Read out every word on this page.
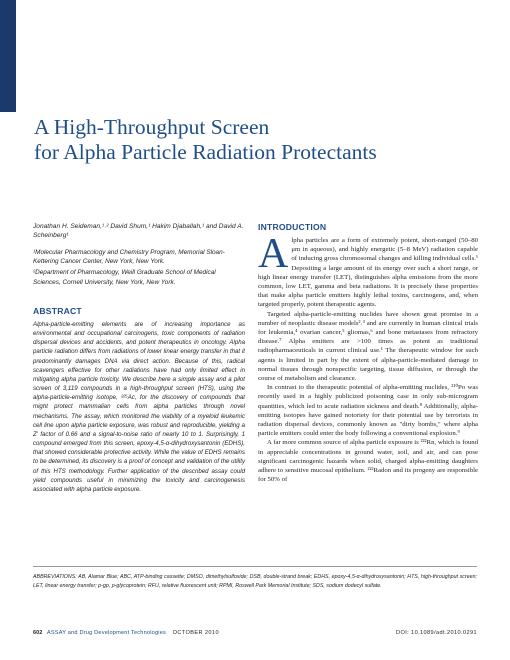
A High-Throughput Screen
for Alpha Particle Radiation Protectants
Jonathan H. Seideman,¹˒² David Shum,¹ Hakim Djaballah,¹ and David A. Scheinberg¹

¹Molecular Pharmacology and Chemistry Program, Memorial Sloan-Kettering Cancer Center, New York, New York.

²Department of Pharmacology, Weill Graduate School of Medical Sciences, Cornell University, New York, New York.

ABSTRACT
Alpha-particle-emitting elements are of increasing importance as environmental and occupational carcinogens, toxic components of radiation dispersal devices and accidents, and potent therapeutics in oncology. Alpha particle radiation differs from radiations of lower linear energy transfer in that it predominantly damages DNA via direct action. Because of this, radical scavengers effective for other radiations have had only limited effect in mitigating alpha particle toxicity. We describe here a simple assay and a pilot screen of 3,119 compounds in a high-throughput screen (HTS), using the alpha-particle-emitting isotope, ²²⁵Ac, for the discovery of compounds that might protect mammalian cells from alpha particles through novel mechanisms. The assay, which monitored the viability of a myeloid leukemic cell line upon alpha particle exposure, was robust and reproducible, yielding a Z′ factor of 0.66 and a signal-to-noise ratio of nearly 10 to 1. Surprisingly, 1 compound emerged from this screen, epoxy-4,5-α-dihydroxysantonin (EDHS), that showed considerable protective activity. While the value of EDHS remains to be determined, its discovery is a proof of concept and validation of the utility of this HTS methodology. Further application of the described assay could yield compounds useful in minimizing the toxicity and carcinogenesis associated with alpha particle exposure.
INTRODUCTION

Alpha particles are a form of extremely potent, short-ranged (50–80 μm in aqueous), and highly energetic (5–8 MeV) radiation capable of inducing gross chromosomal changes and killing individual cells.¹ Depositing a large amount of its energy over such a short range, or high linear energy transfer (LET), distinguishes alpha emissions from the more common, low LET, gamma and beta radiations. It is precisely these properties that make alpha particle emitters highly lethal toxins, carcinogens, and, when targeted properly, potent therapeutic agents.

Targeted alpha-particle-emitting nuclides have shown great promise in a number of neoplastic disease models²˒³ and are currently in human clinical trials for leukemia,⁴ ovarian cancer,⁵ gliomas,⁶ and bone metastases from refractory disease.⁷ Alpha emitters are >100 times as potent as traditional radiopharmaceuticals in current clinical use.¹ The therapeutic window for such agents is limited in part by the extent of alpha-particle-mediated damage to normal tissues through nonspecific targeting, tissue diffusion, or through the course of metabolism and clearance.

In contrast to the therapeutic potential of alpha-emitting nuclides, ²¹⁰Po was recently used in a highly publicized poisoning case in only sub-microgram quantities, which led to acute radiation sickness and death.⁸ Additionally, alpha-emitting isotopes have gained notoriety for their potential use by terrorists in radiation dispersal devices, commonly known as "dirty bombs," where alpha particle emitters could enter the body following a conventional explosion.⁹

A far more common source of alpha particle exposure is ²²²Rn, which is found in appreciable concentrations in ground water, soil, and air, and can pose significant carcinogenic hazards when solid, charged alpha-emitting daughters adhere to sensitive mucosal epithelium. ²²²Radon and its progeny are responsible for 50% of

ABBREVIATIONS: AB, Alamar Blue; ABC, ATP-binding cassette; DMSO, dimethylsulfoxide; DSB, double-strand break; EDHS, epoxy-4,5-α-dihydroxysantonin; HTS, high-throughput screen; LET, linear energy transfer; p-gp, p-glycoprotein; RFU, relative fluorescent unit; RPMI, Roswell Park Memorial Institute; SDS, sodium dodecyl sulfate.
602 ASSAY and Drug Development Technologies OCTOBER 2010	DOI: 10.1089/adt.2010.0291
